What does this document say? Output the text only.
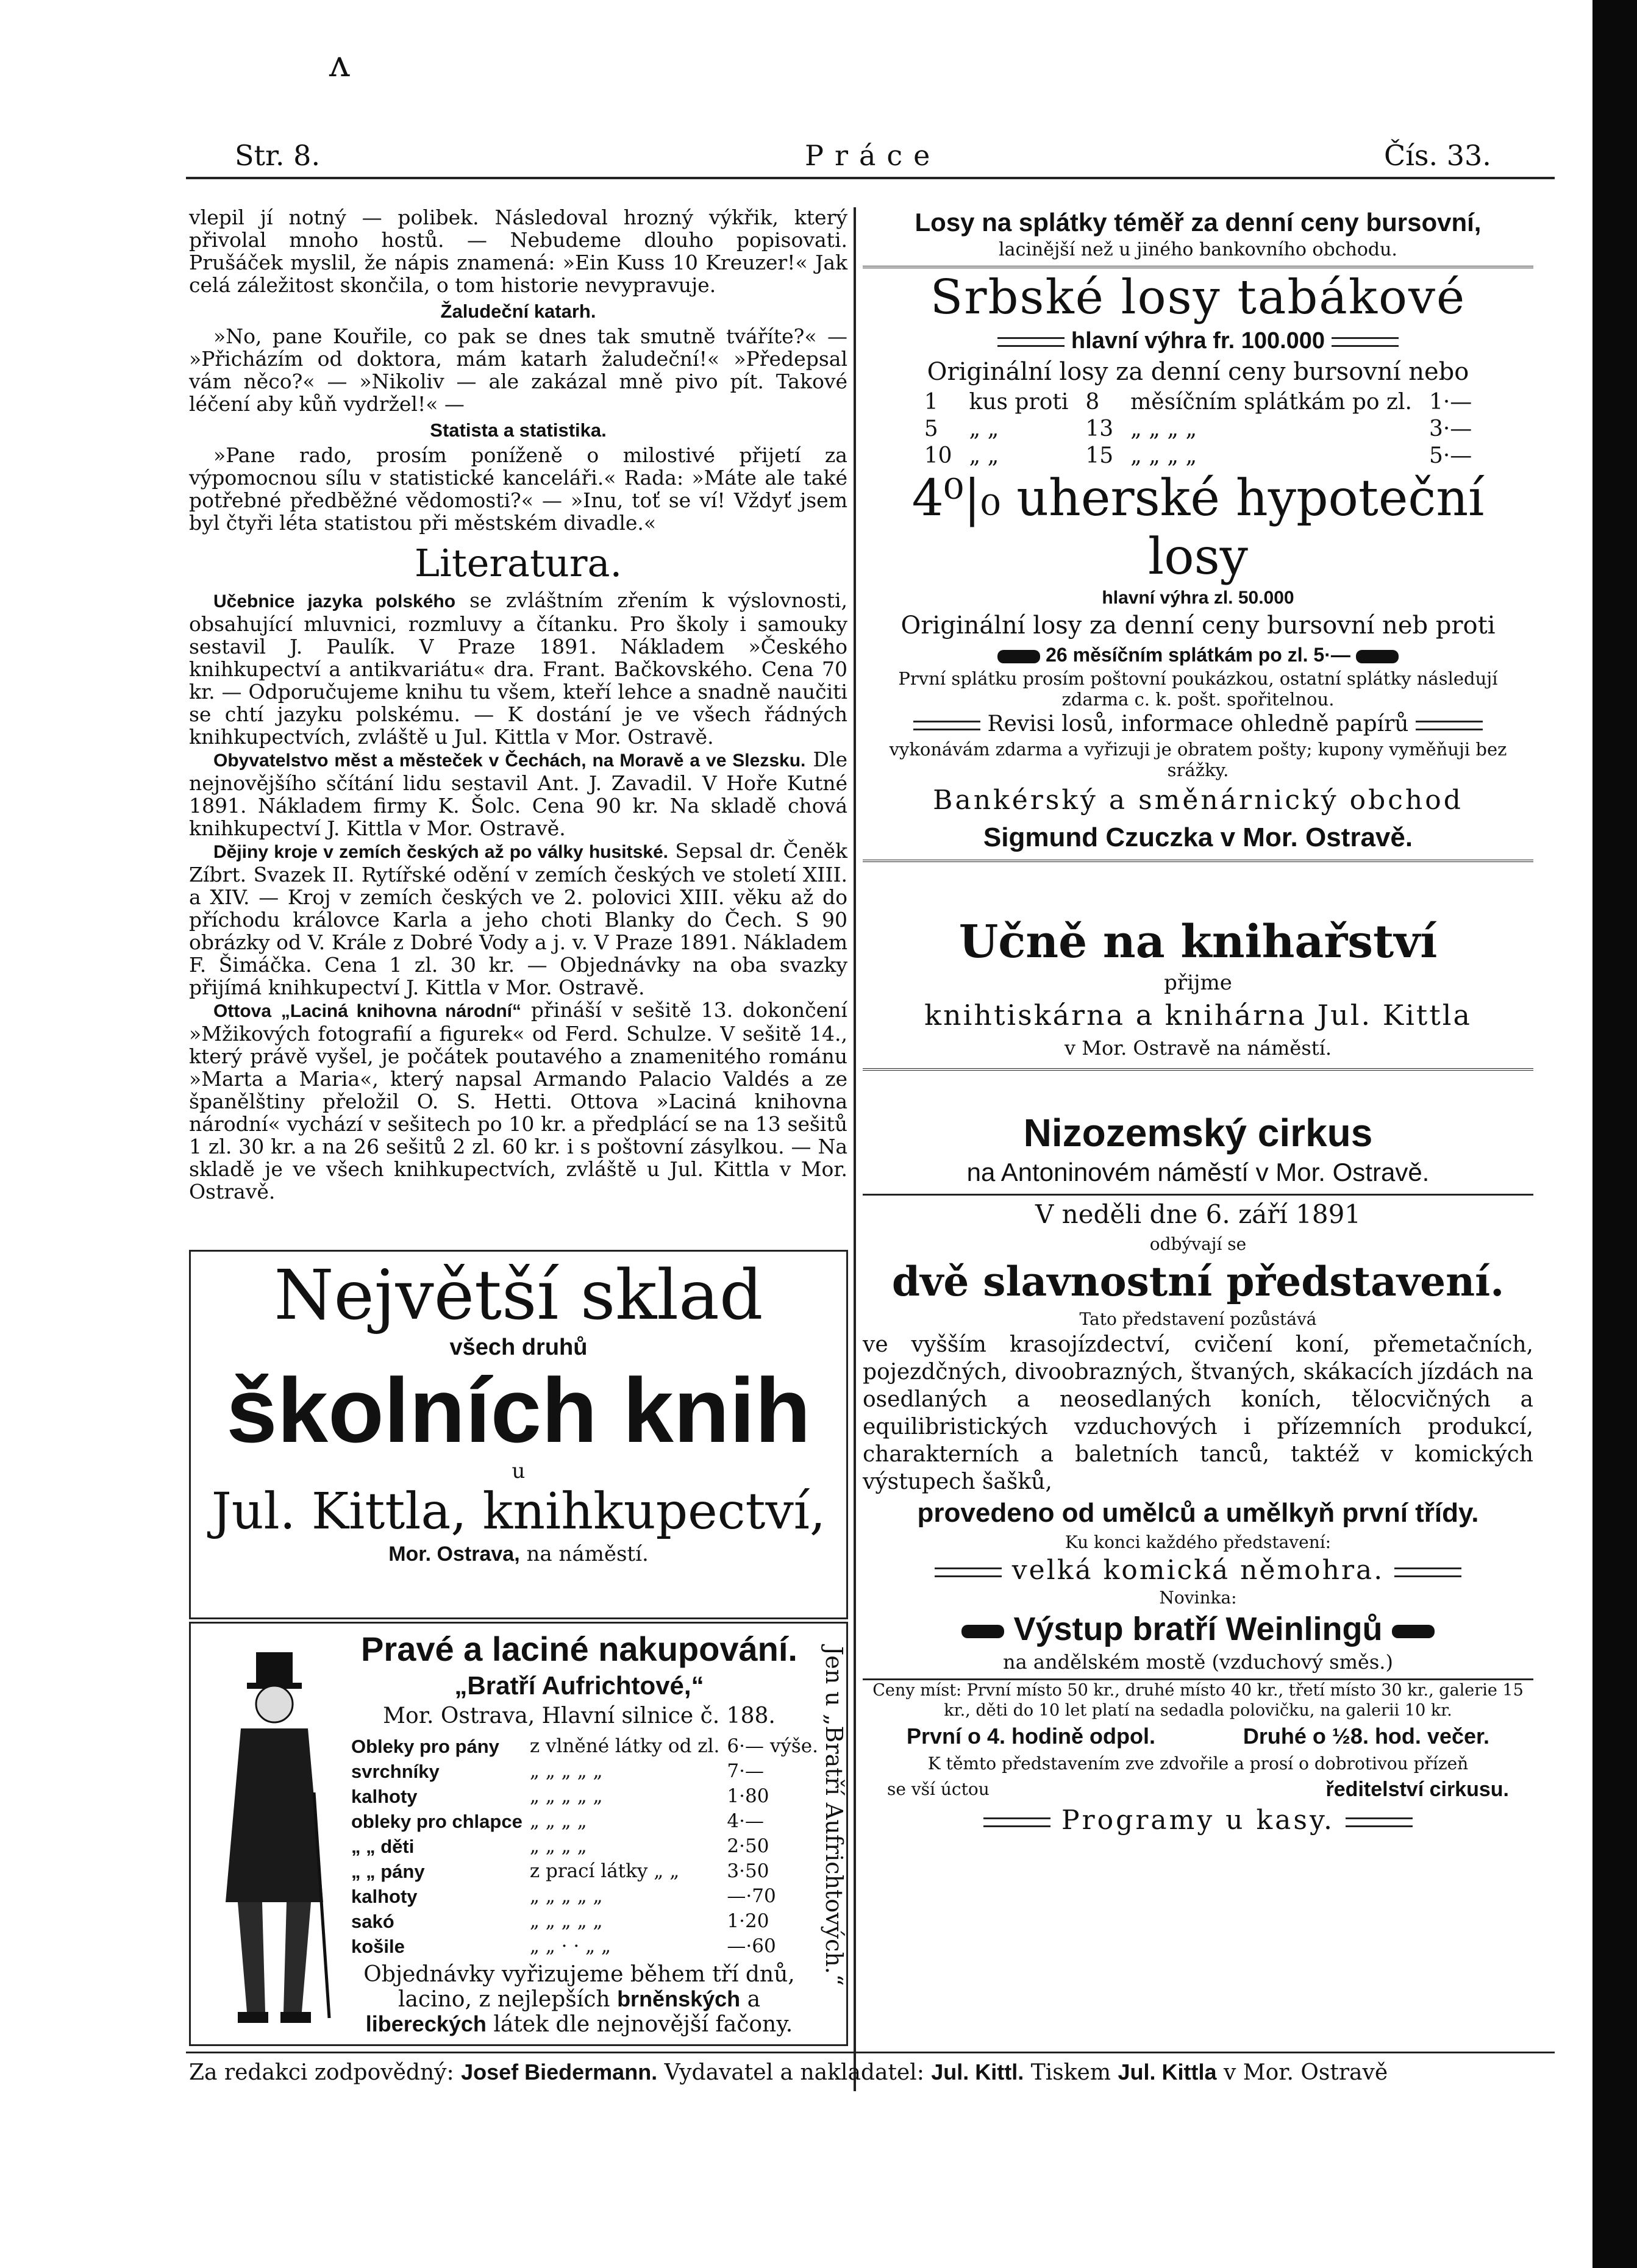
ʌ
Str. 8.	Práce	Čís. 33.

vlepil jí notný — polibek. Následoval hrozný výkřik, který přivolal mnoho hostů. — Nebudeme dlouho popisovati. Prušáček myslil, že nápis znamená: »Ein Kuss 10 Kreuzer!« Jak celá záležitost skončila, o tom historie nevypravuje.

Žaludeční katarh.

»No, pane Kouřile, co pak se dnes tak smutně tváříte?« — »Přicházím od doktora, mám katarh žaludeční!« »Předepsal vám něco?« — »Nikoliv — ale zakázal mně pivo pít. Takové léčení aby kůň vydržel!« —

Statista a statistika.

»Pane rado, prosím poníženě o milostivé přijetí za výpomocnou sílu v statistické kanceláři.« Rada: »Máte ale také potřebné předběžné vědomosti?« — »Inu, toť se ví! Vždyť jsem byl čtyři léta statistou při městském divadle.«

Literatura.

Učebnice jazyka polského se zvláštním zřením k výslovnosti, obsahující mluvnici, rozmluvy a čítanku. Pro školy i samouky sestavil J. Paulík. V Praze 1891. Nákladem »Českého knihkupectví a antikvariátu« dra. Frant. Bačkovského. Cena 70 kr. — Odporučujeme knihu tu všem, kteří lehce a snadně naučiti se chtí jazyku polskému. — K dostání je ve všech řádných knihkupectvích, zvláště u Jul. Kittla v Mor. Ostravě.

Obyvatelstvo měst a městeček v Čechách, na Moravě a ve Slezsku. Dle nejnovějšího sčítání lidu sestavil Ant. J. Zavadil. V Hoře Kutné 1891. Nákladem firmy K. Šolc. Cena 90 kr. Na skladě chová knihkupectví J. Kittla v Mor. Ostravě.

Dějiny kroje v zemích českých až po války husitské. Sepsal dr. Čeněk Zíbrt. Svazek II. Rytířské odění v zemích českých ve století XIII. a XIV. — Kroj v zemích českých ve 2. polovici XIII. věku až do příchodu královce Karla a jeho choti Blanky do Čech. S 90 obrázky od V. Krále z Dobré Vody a j. v. V Praze 1891. Nákladem F. Šimáčka. Cena 1 zl. 30 kr. — Objednávky na oba svazky přijímá knihkupectví J. Kittla v Mor. Ostravě.

Ottova „Laciná knihovna národní“ přináší v sešitě 13. dokončení »Mžikových fotografií a figurek« od Ferd. Schulze. V sešitě 14., který právě vyšel, je počátek poutavého a znamenitého románu »Marta a Maria«, který napsal Armando Palacio Valdés a ze španělštiny přeložil O. S. Hetti. Ottova »Laciná knihovna národní« vychází v sešitech po 10 kr. a předplácí se na 13 sešitů 1 zl. 30 kr. a na 26 sešitů 2 zl. 60 kr. i s poštovní zásylkou. — Na skladě je ve všech knihkupectvích, zvláště u Jul. Kittla v Mor. Ostravě.

Největší sklad

všech druhů

školních knih

u

Jul. Kittla, knihkupectví,

Mor. Ostrava, na náměstí.

Pravé a laciné nakupování.

„Bratří Aufrichtové,“

Mor. Ostrava, Hlavní silnice č. 188.

Obleky pro pány	z vlněné látky od zl.	6·— výše.
svrchníky	„ „ „ „ „	7·—
kalhoty	„ „ „ „ „	1·80
obleky pro chlapce	„ „ „ „	4·—
„ „ děti	„ „ „ „	2·50
„ „ pány	z prací látky „ „	3·50
kalhoty	„ „ „ „ „	—·70
sakó	„ „ „ „ „	1·20
košile	„ „ · · „ „	—·60

Objednávky vyřizujeme během tří dnů, lacino, z nejlepších brněnských a libereckých látek dle nejnovější fačony.

Jen u „Bratří Aufrichtových.“

Losy na splátky téměř za denní ceny bursovní,

lacinější než u jiného bankovního obchodu.

Srbské losy tabákové

hlavní výhra fr. 100.000

Originální losy za denní ceny bursovní nebo

1	kus proti	8	měsíčním splátkám po zl.	1·—
5	„ „	13	„ „ „ „	3·—
10	„ „	15	„ „ „ „	5·—

4⁰|₀ uherské hypoteční losy

hlavní výhra zl. 50.000

Originální losy za denní ceny bursovní neb proti

26 měsíčním splátkám po zl. 5·—

První splátku prosím poštovní poukázkou, ostatní splátky následují zdarma c. k. pošt. spořitelnou.

Revisi losů, informace ohledně papírů

vykonávám zdarma a vyřizuji je obratem pošty; kupony vyměňuji bez srážky.

Bankérský a směnárnický obchod

Sigmund Czuczka v Mor. Ostravě.

Učně na knihařství

přijme

knihtiskárna a knihárna Jul. Kittla

v Mor. Ostravě na náměstí.

Nizozemský cirkus

na Antoninovém náměstí v Mor. Ostravě.

V neděli dne 6. září 1891

odbývají se

dvě slavnostní představení.

Tato představení pozůstává

ve vyšším krasojízdectví, cvičení koní, přemetačních, pojezdčných, divoobrazných, štvaných, skákacích jízdách na osedlaných a neosedlaných koních, tělocvičných a equilibristických vzduchových i přízemních produkcí, charakterních a baletních tanců, taktéž v komických výstupech šašků,

provedeno od umělců a umělkyň první třídy.

Ku konci každého představení:

velká komická němohra.

Novinka:

Výstup bratří Weinlingů

na andělském mostě (vzduchový směs.)

Ceny míst: První místo 50 kr., druhé místo 40 kr., třetí místo 30 kr., galerie 15 kr., děti do 10 let platí na sedadla polovičku, na galerii 10 kr.

První o 4. hodině odpol.	Druhé o ½8. hod. večer.

K těmto představením zve zdvořile a prosí o dobrotivou přízeň

se vší úctou	ředitelství cirkusu.

Programy u kasy.

Za redakci zodpovědný: Josef Biedermann. Vydavatel a nakladatel: Jul. Kittl. Tiskem Jul. Kittla v Mor. Ostravě
